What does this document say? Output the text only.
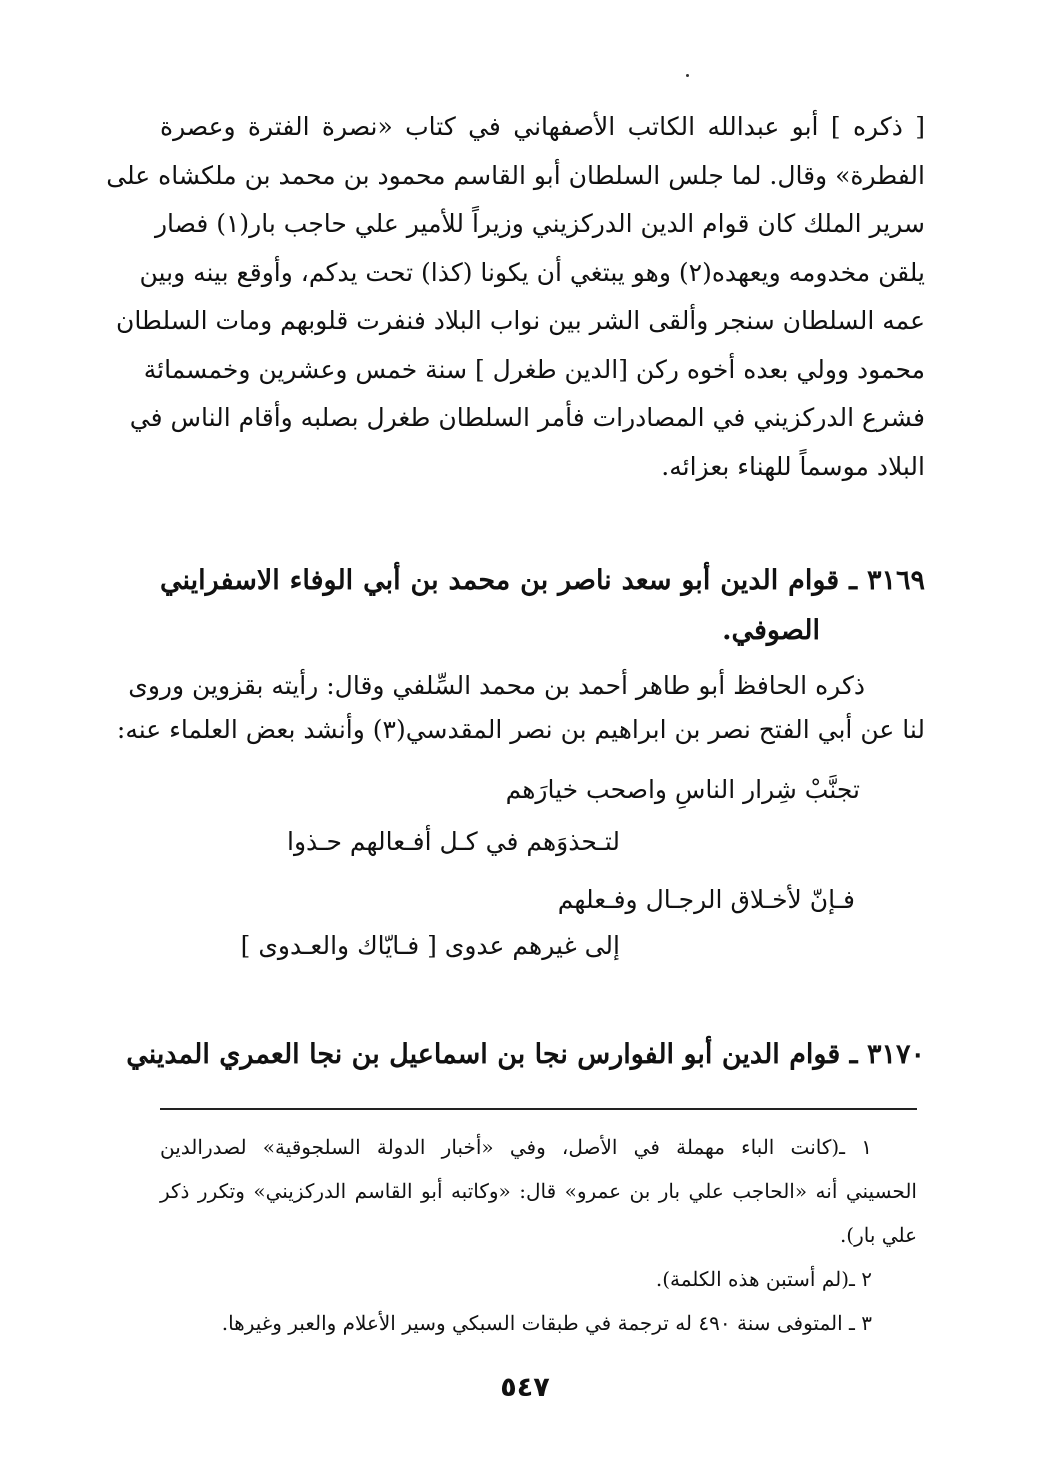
[ ذكره ] أبو عبدالله الكاتب الأصفهاني في كتاب «نصرة الفترة وعصرة
الفطرة» وقال. لما جلس السلطان أبو القاسم محمود بن محمد بن ملكشاه على
سرير الملك كان قوام الدين الدركزيني وزيراً للأمير علي حاجب بار(١) فصار
يلقن مخدومه ويعهده(٢) وهو يبتغي أن يكونا (كذا) تحت يدكم، وأوقع بينه وبين
عمه السلطان سنجر وألقى الشر بين نواب البلاد فنفرت قلوبهم ومات السلطان
محمود وولي بعده أخوه ركن [الدين طغرل ] سنة خمس وعشرين وخمسمائة
فشرع الدركزيني في المصادرات فأمر السلطان طغرل بصلبه وأقام الناس في
البلاد موسماً للهناء بعزائه.
٣١٦٩ ـ قوام الدين أبو سعد ناصر بن محمد بن أبي الوفاء الاسفرايني
الصوفي.
ذكره الحافظ أبو طاهر أحمد بن محمد السِّلفي وقال: رأيته بقزوين وروى
لنا عن أبي الفتح نصر بن ابراهيم بن نصر المقدسي(٣) وأنشد بعض العلماء عنه:
تجنَّبْ شِرار الناسِ واصحب خيارَهم
لتـحذوَهم في كـل أفـعالهم حـذوا
فـإنّ لأخـلاق الرجـال وفـعلهم
إلى غيرهم عدوى [ فـايّاك والعـدوى ]
٣١٧٠ ـ قوام الدين أبو الفوارس نجا بن اسماعيل بن نجا العمري المديني
١ ـ(كانت الباء مهملة في الأصل، وفي «أخبار الدولة السلجوقية» لصدرالدين
الحسيني أنه «الحاجب علي بار بن عمرو» قال: «وكاتبه أبو القاسم الدركزيني» وتكرر ذكر
علي بار).
٢ ـ(لم أستبن هذه الكلمة).
٣ ـ المتوفى سنة ٤٩٠ له ترجمة في طبقات السبكي وسير الأعلام والعبر وغيرها.
٥٤٧
